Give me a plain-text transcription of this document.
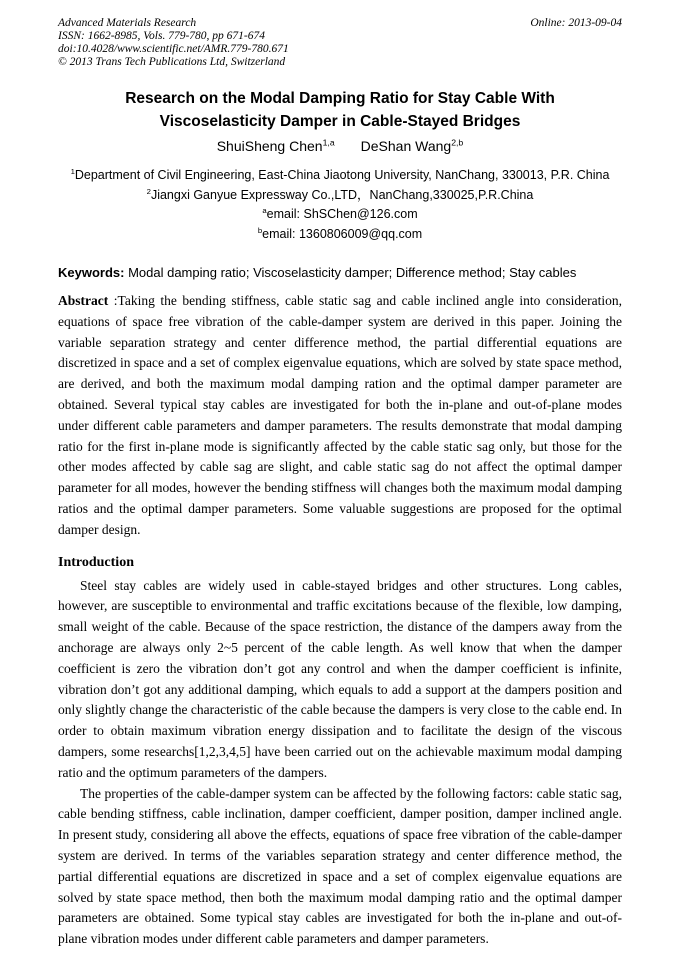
Advanced Materials Research
ISSN: 1662-8985, Vols. 779-780, pp 671-674
doi:10.4028/www.scientific.net/AMR.779-780.671
© 2013 Trans Tech Publications Ltd, Switzerland
Online: 2013-09-04
Research on the Modal Damping Ratio for Stay Cable With
Viscoselasticity Damper in Cable-Stayed Bridges
ShuiSheng Chen$^{1,a}$ DeShan Wang$^{2,b}$
$^1$Department of Civil Engineering, East-China Jiaotong University, NanChang, 330013, P.R. China
$^2$Jiangxi Ganyue Expressway Co.,LTD，NanChang,330025,P.R.China
$^a$email: ShSChen@126.com
$^b$email: 1360806009@qq.com

Keywords: Modal damping ratio; Viscoselasticity damper; Difference method; Stay cables

Abstract :Taking the bending stiffness, cable static sag and cable inclined angle into consideration, equations of space free vibration of the cable-damper system are derived in this paper. Joining the variable separation strategy and center difference method, the partial differential equations are discretized in space and a set of complex eigenvalue equations, which are solved by state space method, are derived, and both the maximum modal damping ration and the optimal damper parameter are obtained. Several typical stay cables are investigated for both the in-plane and out-of-plane modes under different cable parameters and damper parameters. The results demonstrate that modal damping ratio for the first in-plane mode is significantly affected by the cable static sag only, but those for the other modes affected by cable sag are slight, and cable static sag do not affect the optimal damper parameter for all modes, however the bending stiffness will changes both the maximum modal damping ratios and the optimal damper parameters. Some valuable suggestions are proposed for the optimal damper design.

Introduction

Steel stay cables are widely used in cable-stayed bridges and other structures. Long cables, however, are susceptible to environmental and traffic excitations because of the flexible, low damping, small weight of the cable. Because of the space restriction, the distance of the dampers away from the anchorage are always only 2~5 percent of the cable length. As well know that when the damper coefficient is zero the vibration don’t got any control and when the damper coefficient is infinite, vibration don’t got any additional damping, which equals to add a support at the dampers position and only slightly change the characteristic of the cable because the dampers is very close to the cable end. In order to obtain maximum vibration energy dissipation and to facilitate the design of the viscous dampers, some researchs[1,2,3,4,5] have been carried out on the achievable maximum modal damping ratio and the optimum parameters of the dampers.

The properties of the cable-damper system can be affected by the following factors: cable static sag, cable bending stiffness, cable inclination, damper coefficient, damper position, damper inclined angle. In present study, considering all above the effects, equations of space free vibration of the cable-damper system are derived. In terms of the variables separation strategy and center difference method, the partial differential equations are discretized in space and a set of complex eigenvalue equations are solved by state space method, then both the maximum modal damping ratio and the optimal damper parameters are obtained. Some typical stay cables are investigated for both the in-plane and out-of-plane vibration modes under different cable parameters and damper parameters.
